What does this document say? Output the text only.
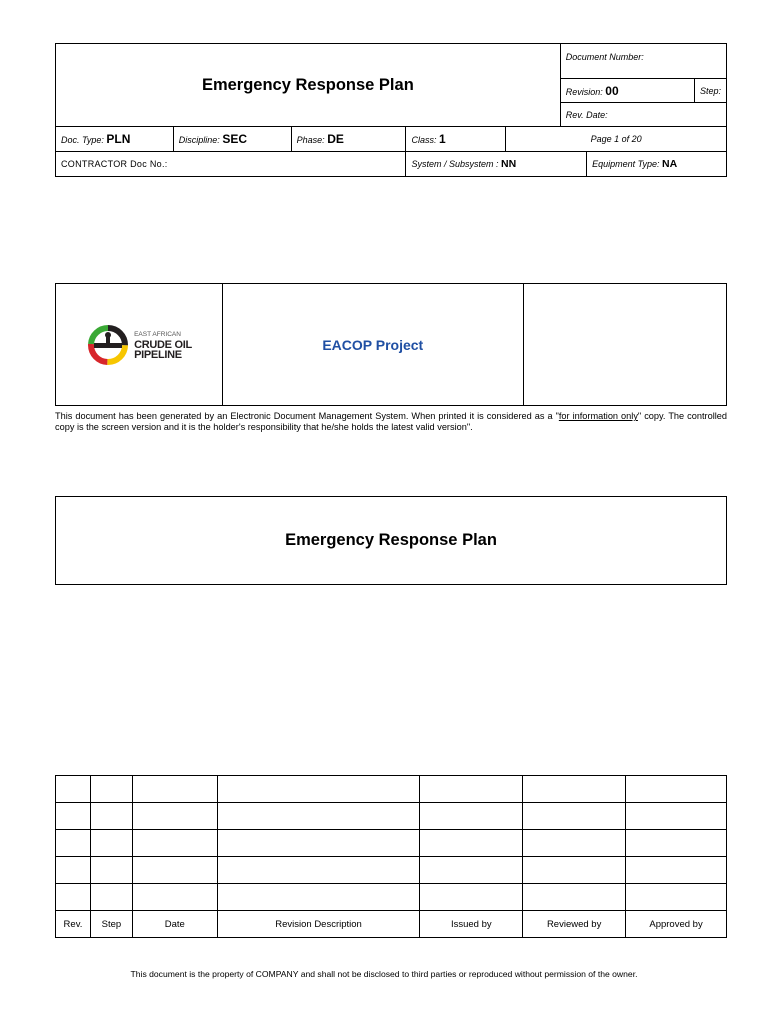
Emergency Response Plan	Document Number:	
	Revision: 00	Step:
	Rev. Date:	
Doc. Type: PLN	Discipline: SEC	Phase: DE	Class: 1	Page 1 of 20	
CONTRACTOR Doc No.:			System / Subsystem : NN		Equipment Type: NA
EAST AFRICAN
CRUDE OIL
PIPELINE
	EACOP Project	
This document has been generated by an Electronic Document Management System. When printed it is considered as a "for information only" copy. The controlled copy is the screen version and it is the holder's responsibility that he/she holds the latest valid version".
Emergency Response Plan

Rev.	Step	Date	Revision Description	Issued by	Reviewed by	Approved by
This document is the property of COMPANY and shall not be disclosed to third parties or reproduced without permission of the owner.
